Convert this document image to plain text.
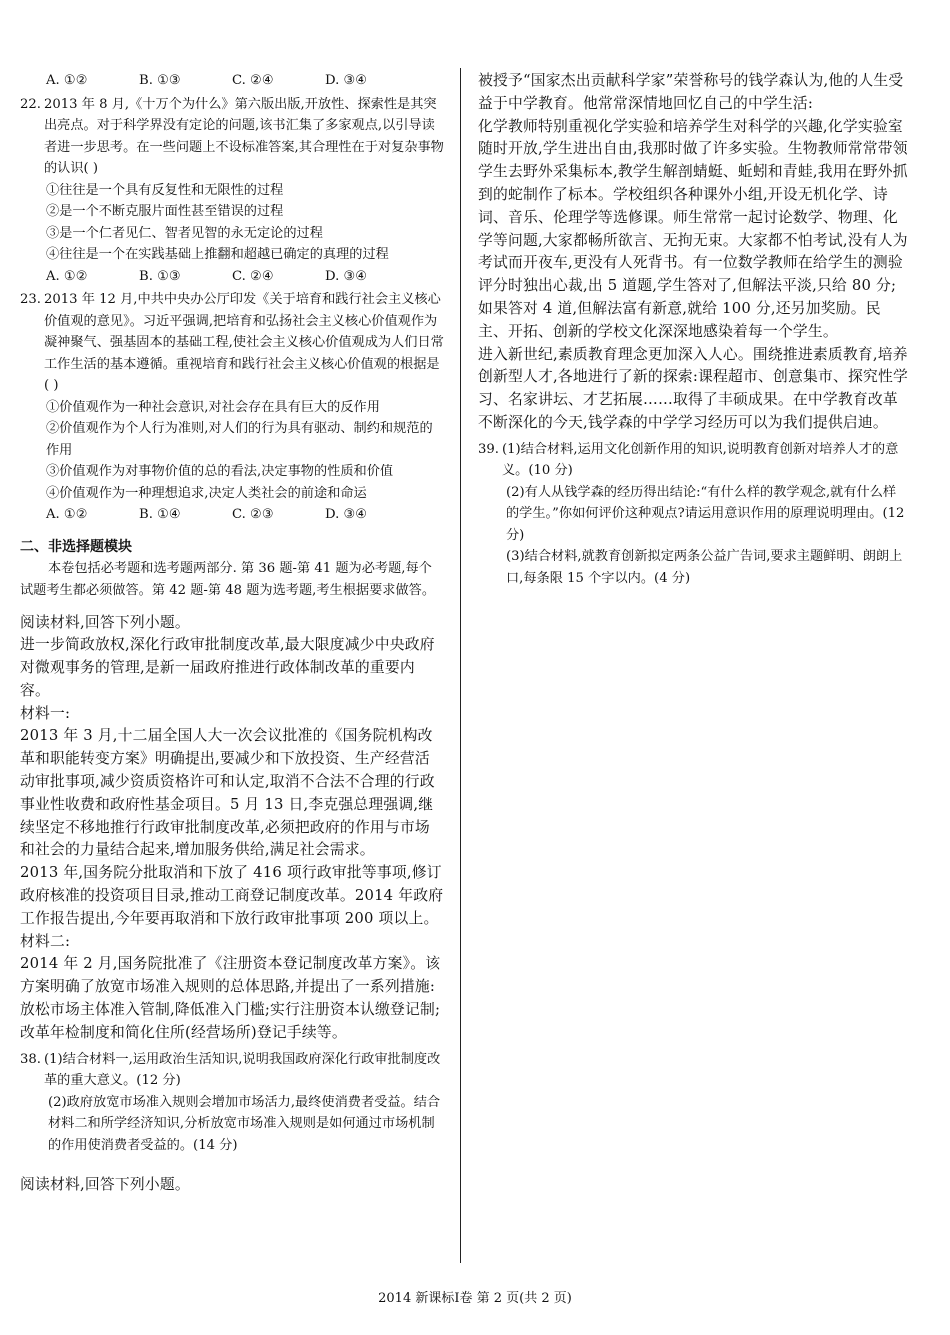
A. ①②	B. ①③	C. ②④	D. ③④
22. 2013 年 8 月,《十万个为什么》第六版出版,开放性、探索性是其突出亮点。对于科学界没有定论的问题,该书汇集了多家观点,以引导读者进一步思考。在一些问题上不设标准答案,其合理性在于对复杂事物的认识( )
①往往是一个具有反复性和无限性的过程
②是一个不断克服片面性甚至错误的过程
③是一个仁者见仁、智者见智的永无定论的过程
④往往是一个在实践基础上推翻和超越已确定的真理的过程
A. ①②	B. ①③	C. ②④	D. ③④
23. 2013 年 12 月,中共中央办公厅印发《关于培育和践行社会主义核心价值观的意见》。习近平强调,把培育和弘扬社会主义核心价值观作为凝神聚气、强基固本的基础工程,使社会主义核心价值观成为人们日常工作生活的基本遵循。重视培育和践行社会主义核心价值观的根据是( )
①价值观作为一种社会意识,对社会存在具有巨大的反作用
②价值观作为个人行为准则,对人们的行为具有驱动、制约和规范的作用
③价值观作为对事物价值的总的看法,决定事物的性质和价值
④价值观作为一种理想追求,决定人类社会的前途和命运
A. ①②	B. ①④	C. ②③	D. ③④
二、非选择题模块
本卷包括必考题和选考题两部分. 第 36 题-第 41 题为必考题,每个试题考生都必须做答。第 42 题-第 48 题为选考题,考生根据要求做答。

阅读材料,回答下列小题。

进一步简政放权,深化行政审批制度改革,最大限度减少中央政府对微观事务的管理,是新一届政府推进行政体制改革的重要内容。

材料一:

2013 年 3 月,十二届全国人大一次会议批准的《国务院机构改革和职能转变方案》明确提出,要减少和下放投资、生产经营活动审批事项,减少资质资格许可和认定,取消不合法不合理的行政事业性收费和政府性基金项目。5 月 13 日,李克强总理强调,继续坚定不移地推行行政审批制度改革,必须把政府的作用与市场和社会的力量结合起来,增加服务供给,满足社会需求。

2013 年,国务院分批取消和下放了 416 项行政审批等事项,修订政府核准的投资项目目录,推动工商登记制度改革。2014 年政府工作报告提出,今年要再取消和下放行政审批事项 200 项以上。

材料二:

2014 年 2 月,国务院批准了《注册资本登记制度改革方案》。该方案明确了放宽市场准入规则的总体思路,并提出了一系列措施:放松市场主体准入管制,降低准入门槛;实行注册资本认缴登记制;改革年检制度和简化住所(经营场所)登记手续等。

38. (1)结合材料一,运用政治生活知识,说明我国政府深化行政审批制度改革的重大意义。(12 分)
(2)政府放宽市场准入规则会增加市场活力,最终使消费者受益。结合材料二和所学经济知识,分析放宽市场准入规则是如何通过市场机制的作用使消费者受益的。(14 分)
阅读材料,回答下列小题。

被授予“国家杰出贡献科学家”荣誉称号的钱学森认为,他的人生受益于中学教育。他常常深情地回忆自己的中学生活:

化学教师特别重视化学实验和培养学生对科学的兴趣,化学实验室随时开放,学生进出自由,我那时做了许多实验。生物教师常常带领学生去野外采集标本,教学生解剖蜻蜓、蚯蚓和青蛙,我用在野外抓到的蛇制作了标本。学校组织各种课外小组,开设无机化学、诗词、音乐、伦理学等选修课。师生常常一起讨论数学、物理、化学等问题,大家都畅所欲言、无拘无束。大家都不怕考试,没有人为考试而开夜车,更没有人死背书。有一位数学教师在给学生的测验评分时独出心裁,出 5 道题,学生答对了,但解法平淡,只给 80 分;如果答对 4 道,但解法富有新意,就给 100 分,还另加奖励。民主、开拓、创新的学校文化深深地感染着每一个学生。

进入新世纪,素质教育理念更加深入人心。围绕推进素质教育,培养创新型人才,各地进行了新的探索:课程超市、创意集市、探究性学习、名家讲坛、才艺拓展……取得了丰硕成果。在中学教育改革不断深化的今天,钱学森的中学学习经历可以为我们提供启迪。

39. (1)结合材料,运用文化创新作用的知识,说明教育创新对培养人才的意义。(10 分)
(2)有人从钱学森的经历得出结论:“有什么样的教学观念,就有什么样的学生。”你如何评价这种观点?请运用意识作用的原理说明理由。(12 分)
(3)结合材料,就教育创新拟定两条公益广告词,要求主题鲜明、朗朗上口,每条限 15 个字以内。(4 分)
2014 新课标Ⅰ卷 第 2 页(共 2 页)
